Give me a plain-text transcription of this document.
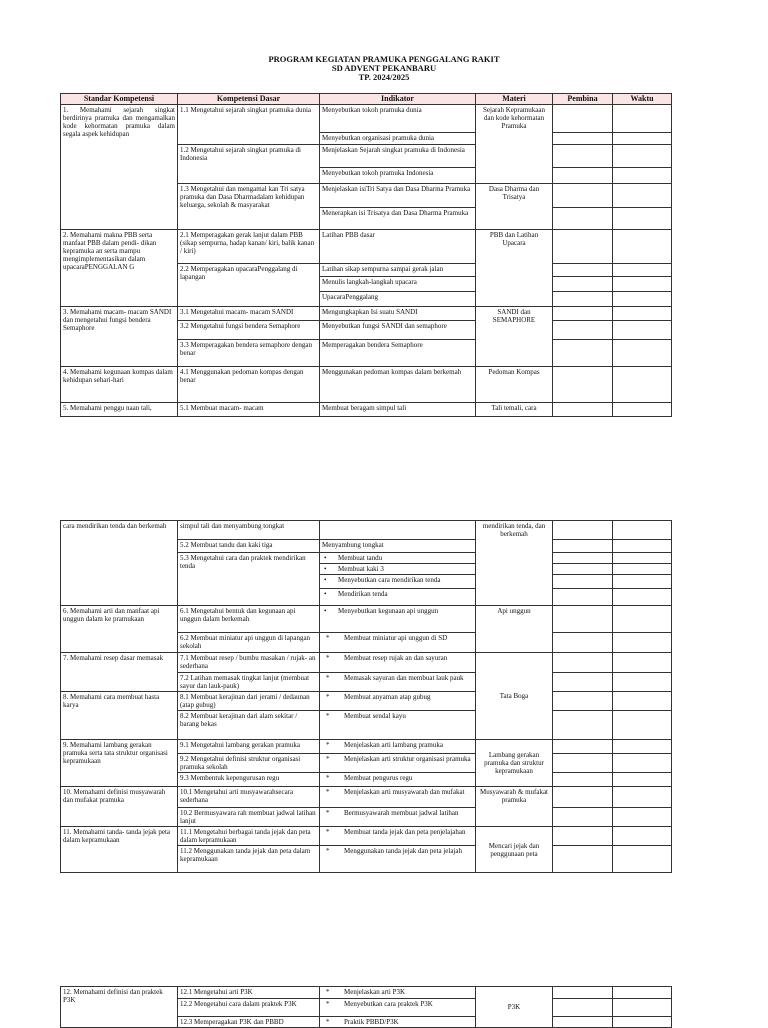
PROGRAM KEGIATAN PRAMUKA PENGGALANG RAKIT
SD ADVENT PEKANBARU
TP. 2024/2025
Standar Kompetensi	Kompetensi Dasar	Indikator	Materi	Pembina	Waktu
1. Memahami sejarah singkat berdirinya pramuka dan mengamalkan kode kehormatan pramuka dalam segala aspek kehidupan	1.1 Mengetahui sejarah singkat pramuka dunia	Menyebutkan tokoh pramuka dunia	Sejarah Kepramukaan dan kode kehormatan Pramuka		
		Menyebutkan organisasi pramuka dunia			
	1.2 Mengetahui sejarah singkat pramuka di Indonesia	Menjelaskan Sejarah singkat pramuka di Indonesia			
		Menyebutkan tokoh pramuka Indonesia			
	1.3 Mengetahui dan mengamal kan Tri satya pramuka dan Dasa Dharmadalam kehidupan keluarga, sekolah & masyarakat	Menjelaskan isiTri Satya dan Dasa Dharma Pramuka	Dasa Dharma dan Trisatya		
		Menerapkan isi Trisatya dan Dasa Dharma Pramuka			
2. Memahami makna PBB serta manfaat PBB dalam pendi- dikan kepramuka an serta mampu mengimplementasikan dalam upacaraPENGGALAN G	2.1 Memperagakan gerak lanjut dalam PBB (sikap sempurna, hadap kanan/ kiri, balik kanan / kiri)	Latihan PBB dasar	PBB dan Latihan Upacara		
	2.2 Memperagakan upacaraPenggalang di lapangan	Latihan sikap sempurna sampai gerak jalan			
		Menulis langkah-langkah upacara			
		UpacaraPenggalang			
3. Memahami macam- macam SANDI dan mengetahui fungsi bendera Semaphore	3.1 Mengetahui macam- macam SANDI	Mengungkapkan Isi suatu SANDI	SANDI dan SEMAPHORE		
	3.2 Mengetahui fungsi bendera Semaphore	Menyebutkan fungsi SANDI dan semaphore			
	3.3 Memperagakan bendera semaphore dengan benar	Memperagakan bendera Semaphore			
4. Memahami kegunaan kompas dalam kehidupan sehari-hari	4.1 Menggunakan pedoman kompas dengan benar	Menggunakan pedoman kompas dalam berkemah	Pedoman Kompas		
5. Memahami penggu naan tali,	5.1 Membuat macam- macam	Membuat beragam simpul tali	Tali temali, cara		
cara mendirikan tenda dan berkemah	simpul tali dan menyambung tongkat		mendirikan tenda, dan berkemah		
	5.2 Membuat tandu dan kaki tiga	Menyambung tongkat			
	5.3 Mengetahui cara dan praktek mendirikan tenda	• Membuat tandu		
		• Membuat kaki 3		
		• Menyebutkan cara mendirikan tenda		
		• Mendirikan tenda		
6. Memahami arti dan manfaat api unggun dalam ke pramukaan	6.1 Mengetahui bentuk dan kegunaan api unggun dalam berkemah	• Menyebutkan kegunaan api unggun	Api unggun		
	6.2 Membuat miniatur api unggun di lapangan sekolah	* Membuat miniatur api unggun di SD		
7. Memahami resep dasar memasak	7.1 Membuat resep / bumbu masakan / rujak- an sederhana	* Membuat resep rujak an dan sayuran	Tata Boga		
	7.2 Latihan memasak tingkat lanjut (membuat sayur dan lauk-pauk)	* Memasak sayuran dan membuat lauk pauk		
8. Memahami cara membuat hasta karya	8.1 Membuat kerajinan dari jerami / dedaunan (atap gubug)	* Membuat anyaman atap gubug		
	8.2 Membuat kerajinan dari alam sekitar / barang bekas	* Membuat sendal kayu		
9. Memahami lambang gerakan pramuka serta tata struktur organisasi kepramukaan	9.1 Mengetahui lambang gerakan pramuka	* Menjelaskan arti lambang pramuka	Lambang gerakan pramuka dan struktur kepramukaan		
	9.2 Mengetahui definisi struktur organisasi pramuka sekolah	* Menjelaskan arti struktur organisasi pramuka		
	9.3 Membentuk kepengurusan regu	* Membuat pengurus regu		
10. Memahami definisi musyawarah dan mufakat pramuka	10.1 Mengetahui arti musyawarahsecara sederhana	* Menjelaskan arti musyawarah dan mufakat	Musyawarah & mufakat pramuka		
	10.2 Bermusyawara rah membuat jadwal latihan lanjut	* Bermusyawarah membuat jadwal latihan		
11. Memahami tanda- tanda jejak peta dalam kepramukaan	11.1 Mengetahui berbagai tanda jejak dan peta dalam kepramukaan	* Membuat tanda jejak dan peta penjelajahan	Mencari jejak dan penggunaan peta		
	11.2 Menggunakan tanda jejak dan peta dalam kepramukaan	* Menggunakan tanda jejak dan peta jelajah		
12. Memahami definisi dan praktek P3K	12.1 Mengetahui arti P3K	* Menjelaskan arti P3K	P3K		
	12.2 Mengetahui cara dalam praktek P3K	* Menyebutkan cara praktek P3K		
	12.3 Memperagakan P3K dan PBBD	* Praktik PBBD/P3K		
